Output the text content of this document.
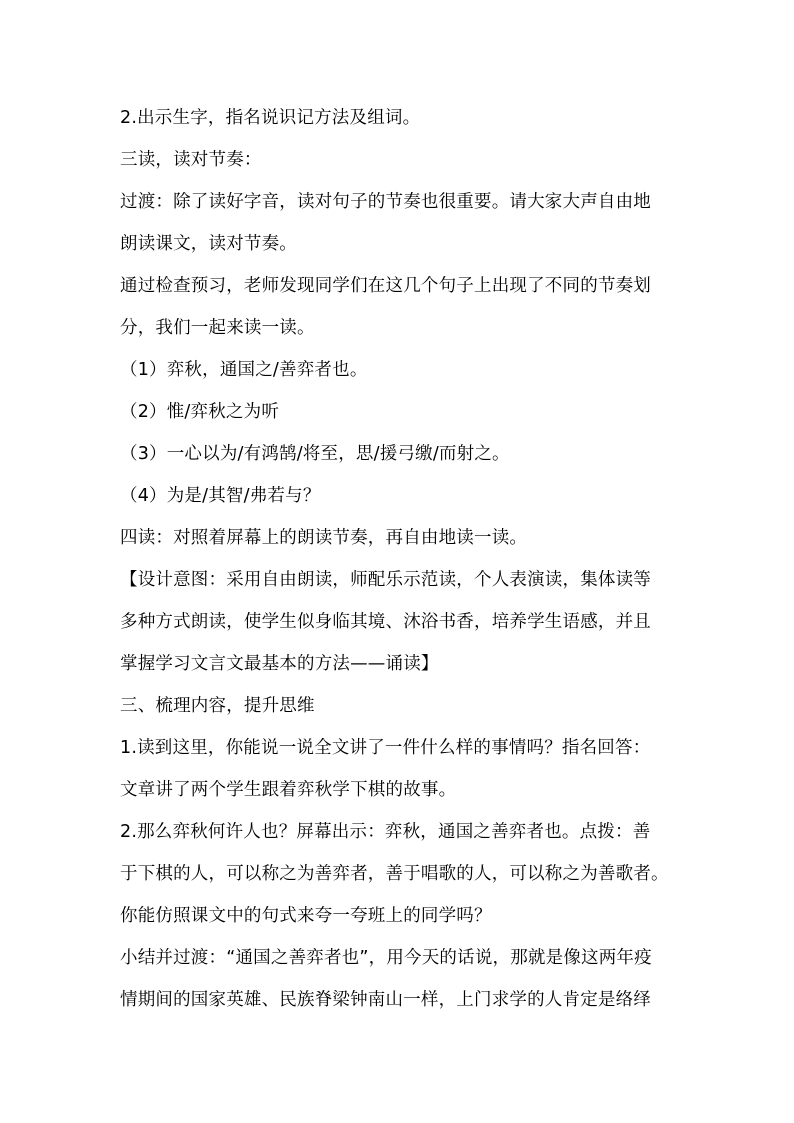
2.出示生字，指名说识记方法及组词。
三读，读对节奏：
过渡：除了读好字音，读对句子的节奏也很重要。请大家大声自由地
朗读课文，读对节奏。
通过检查预习，老师发现同学们在这几个句子上出现了不同的节奏划
分，我们一起来读一读。
（1）弈秋，通国之/善弈者也。
（2）惟/弈秋之为听
（3）一心以为/有鸿鹄/将至，思/援弓缴/而射之。
（4）为是/其智/弗若与？
四读：对照着屏幕上的朗读节奏，再自由地读一读。
【设计意图：采用自由朗读，师配乐示范读，个人表演读，集体读等
多种方式朗读，使学生似身临其境、沐浴书香，培养学生语感，并且
掌握学习文言文最基本的方法——诵读】
三、梳理内容，提升思维
1.读到这里，你能说一说全文讲了一件什么样的事情吗？指名回答：
文章讲了两个学生跟着弈秋学下棋的故事。
2.那么弈秋何许人也？屏幕出示：弈秋，通国之善弈者也。点拨：善
于下棋的人，可以称之为善弈者，善于唱歌的人，可以称之为善歌者。
你能仿照课文中的句式来夸一夸班上的同学吗？
小结并过渡：“通国之善弈者也”，用今天的话说，那就是像这两年疫
情期间的国家英雄、民族脊梁钟南山一样，上门求学的人肯定是络绎
